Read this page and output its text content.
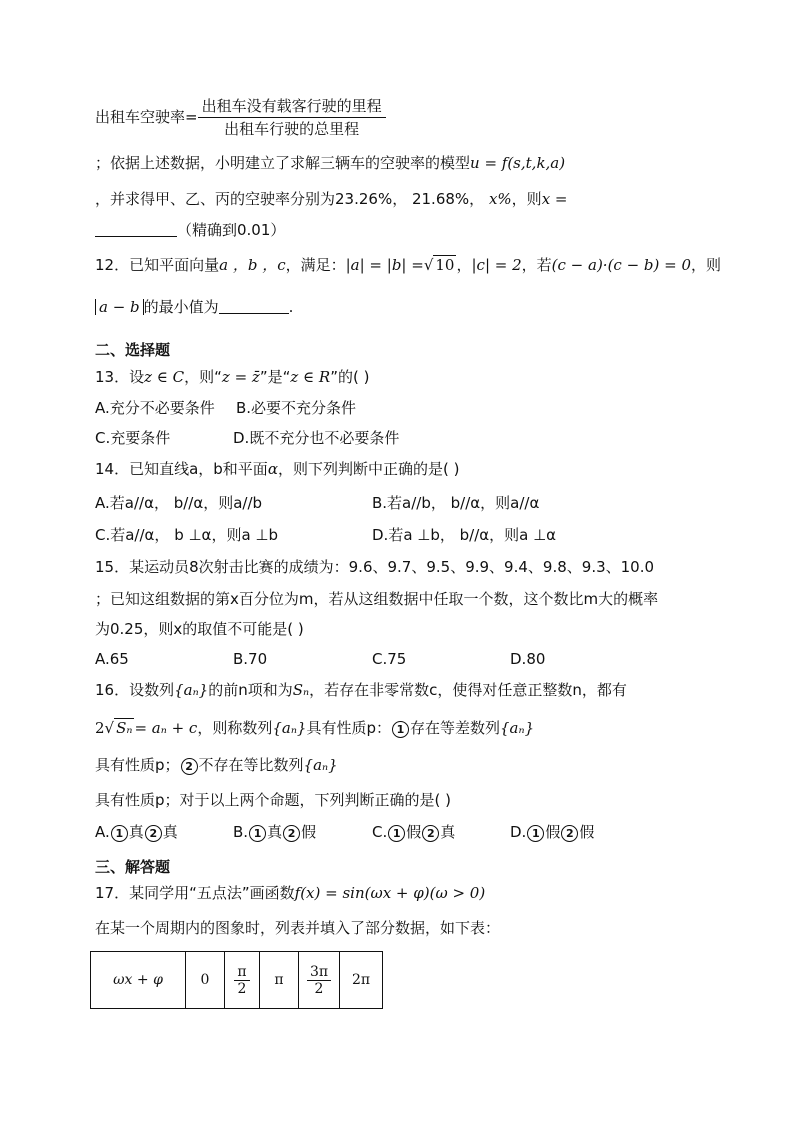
出租车空驶率= $\frac{\text{出租车没有载客行驶的里程}}{\text{出租车行驶的总里程}}$
；依据上述数据，小明建立了求解三辆车的空驶率的模型u = f(s,t,k,a)
，并求得甲、乙、丙的空驶率分别为23.26%， 21.68%， x%，则x =
（精确到0.01）
12．已知平面向量a ，b ，c，满足：|a| = |b| =√ 10 ，|c| = 2，若(c − a)·(c − b) = 0，则
a − b 的最小值为	.
二、选择题
13．设z ∈ C，则“z = z̄”是“z ∈ R”的( )
A.充分不必要条件 B.必要不充分条件
C.充要条件	D.既不充分也不必要条件
14．已知直线a，b和平面α，则下列判断中正确的是( )
A.若a//α， b//α，则a//b	B.若a//b， b//α，则a//α
C.若a//α， b ⊥α，则a ⊥b	D.若a ⊥b， b//α，则a ⊥α
15．某运动员8次射击比赛的成绩为：9.6、9.7、9.5、9.9、9.4、9.8、9.3、10.0
；已知这组数据的第x百分位为m，若从这组数据中任取一个数，这个数比m大的概率
为0.25，则x的取值不可能是( )
A.65	B.70	C.75	D.80
16．设数列{aₙ}的前n项和为Sₙ，若存在非零常数c，使得对任意正整数n，都有
2√ Sₙ = aₙ + c，则称数列{aₙ}具有性质p： 1 存在等差数列{aₙ}
具有性质p； 2 不存在等比数列{aₙ}
具有性质p；对于以上两个命题，下列判断正确的是( )
A. 1 真 2 真	B. 1 真 2 假	C. 1 假 2 真	D. 1 假 2 假
三、解答题
17．某同学用“五点法”画函数f(x) = sin(ωx + φ)(ω > 0)
在某一个周期内的图象时，列表并填入了部分数据，如下表：
ωx + φ	0	$\frac{\pi}{2}$	π	$\frac{3\pi}{2}$	2π
